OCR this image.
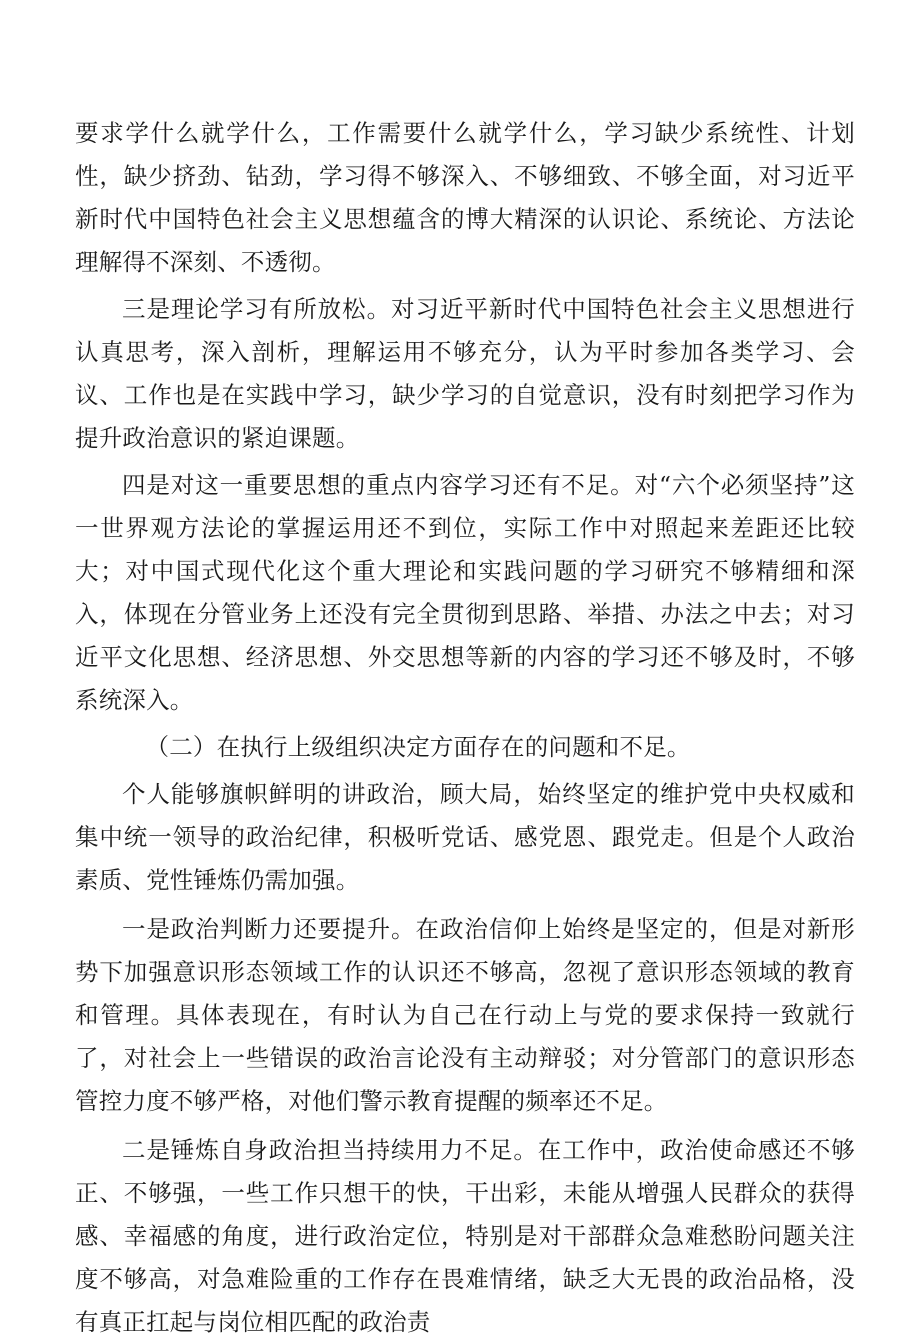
要求学什么就学什么，工作需要什么就学什么，学习缺少系统性、计划性，缺少挤劲、钻劲，学习得不够深入、不够细致、不够全面，对习近平新时代中国特色社会主义思想蕴含的博大精深的认识论、系统论、方法论理解得不深刻、不透彻。

三是理论学习有所放松。对习近平新时代中国特色社会主义思想进行认真思考，深入剖析，理解运用不够充分，认为平时参加各类学习、会议、工作也是在实践中学习，缺少学习的自觉意识，没有时刻把学习作为提升政治意识的紧迫课题。

四是对这一重要思想的重点内容学习还有不足。对“六个必须坚持”这一世界观方法论的掌握运用还不到位，实际工作中对照起来差距还比较大；对中国式现代化这个重大理论和实践问题的学习研究不够精细和深入，体现在分管业务上还没有完全贯彻到思路、举措、办法之中去；对习近平文化思想、经济思想、外交思想等新的内容的学习还不够及时，不够系统深入。

（二）在执行上级组织决定方面存在的问题和不足。

个人能够旗帜鲜明的讲政治，顾大局，始终坚定的维护党中央权威和集中统一领导的政治纪律，积极听党话、感党恩、跟党走。但是个人政治素质、党性锤炼仍需加强。

一是政治判断力还要提升。在政治信仰上始终是坚定的，但是对新形势下加强意识形态领域工作的认识还不够高，忽视了意识形态领域的教育和管理。具体表现在，有时认为自己在行动上与党的要求保持一致就行了，对社会上一些错误的政治言论没有主动辩驳；对分管部门的意识形态管控力度不够严格，对他们警示教育提醒的频率还不足。

二是锤炼自身政治担当持续用力不足。在工作中，政治使命感还不够正、不够强，一些工作只想干的快，干出彩，未能从增强人民群众的获得感、幸福感的角度，进行政治定位，特别是对干部群众急难愁盼问题关注度不够高，对急难险重的工作存在畏难情绪，缺乏大无畏的政治品格，没有真正扛起与岗位相匹配的政治责
